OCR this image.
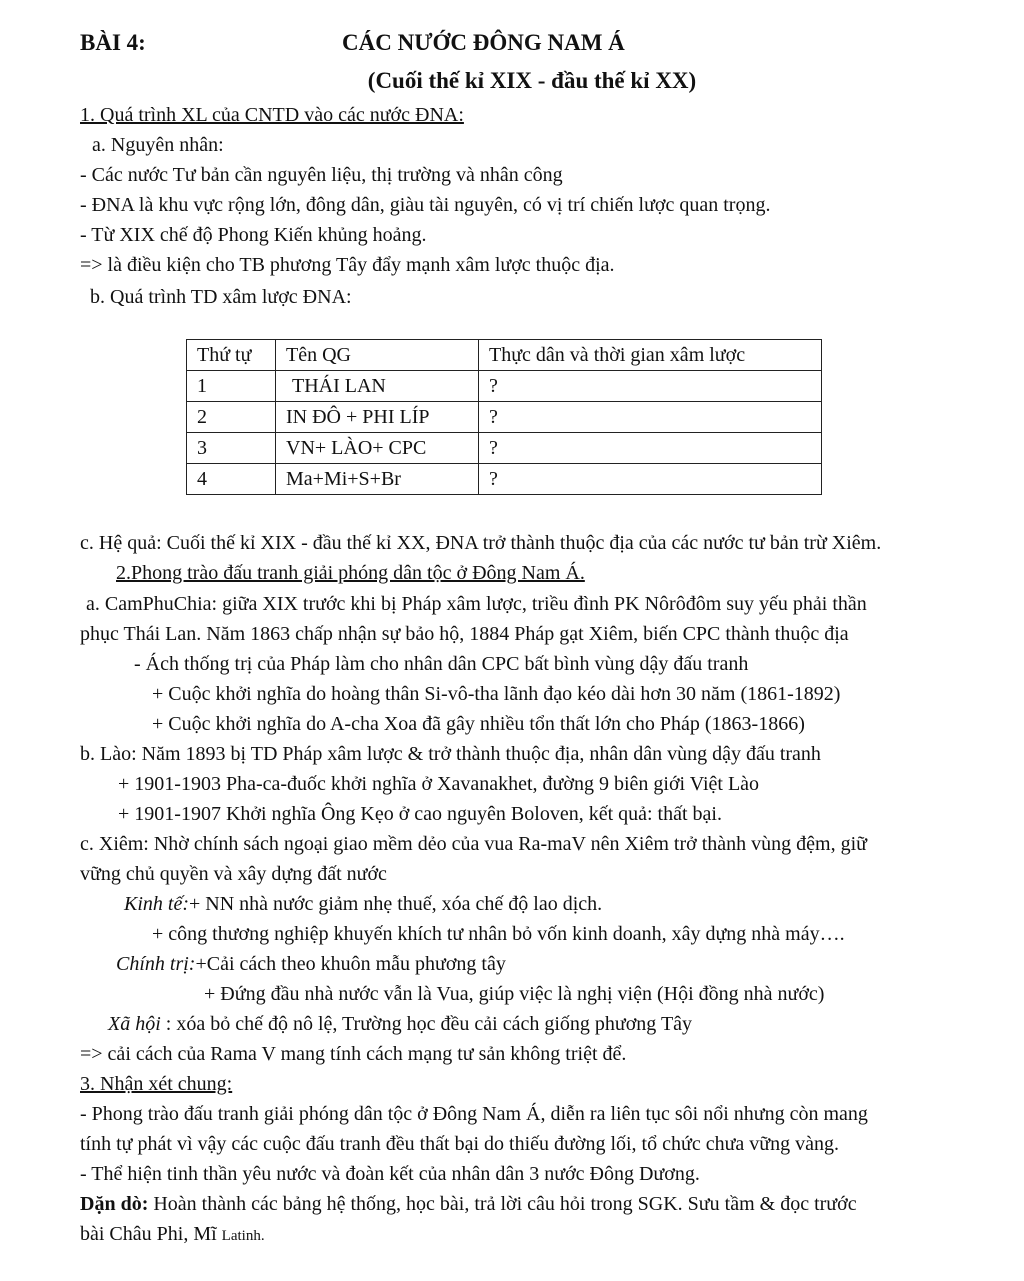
BÀI 4:	CÁC NƯỚC ĐÔNG NAM Á
(Cuối thế kỉ XIX - đầu thế kỉ XX)
1. Quá trình XL của CNTD vào các nước ĐNA:
a. Nguyên nhân:
- Các nước Tư bản cần nguyên liệu, thị trường và nhân công
- ĐNA là khu vực rộng lớn, đông dân, giàu tài nguyên, có vị trí chiến lược quan trọng.
- Từ XIX chế độ Phong Kiến khủng hoảng.
=> là điều kiện cho TB phương Tây đẩy mạnh xâm lược thuộc địa.
b. Quá trình TD xâm lược ĐNA:
Thứ tự	Tên QG	Thực dân và thời gian xâm lược
1	THÁI LAN	?
2	IN ĐÔ + PHI LÍP	?
3	VN+ LÀO+ CPC	?
4	Ma+Mi+S+Br	?
c. Hệ quả: Cuối thế kỉ XIX - đầu thế kỉ XX, ĐNA trở thành thuộc địa của các nước tư bản trừ Xiêm.
2.Phong trào đấu tranh giải phóng dân tộc ở Đông Nam Á.
a. CamPhuChia: giữa XIX trước khi bị Pháp xâm lược, triều đình PK Nôrôđôm suy yếu phải thần
phục Thái Lan. Năm 1863 chấp nhận sự bảo hộ, 1884 Pháp gạt Xiêm, biến CPC thành thuộc địa
- Ách thống trị của Pháp làm cho nhân dân CPC bất bình vùng dậy đấu tranh
+ Cuộc khởi nghĩa do hoàng thân Si-vô-tha lãnh đạo kéo dài hơn 30 năm (1861-1892)
+ Cuộc khởi nghĩa do A-cha Xoa đã gây nhiều tổn thất lớn cho Pháp (1863-1866)
b. Lào: Năm 1893 bị TD Pháp xâm lược & trở thành thuộc địa, nhân dân vùng dậy đấu tranh
+ 1901-1903 Pha-ca-đuốc khởi nghĩa ở Xavanakhet, đường 9 biên giới Việt Lào
+ 1901-1907 Khởi nghĩa Ông Kẹo ở cao nguyên Boloven, kết quả: thất bại.
c. Xiêm: Nhờ chính sách ngoại giao mềm dẻo của vua Ra-maV nên Xiêm trở thành vùng đệm, giữ
vững chủ quyền và xây dựng đất nước
Kinh tế:+ NN nhà nước giảm nhẹ thuế, xóa chế độ lao dịch.
+ công thương nghiệp khuyến khích tư nhân bỏ vốn kinh doanh, xây dựng nhà máy….
Chính trị:+Cải cách theo khuôn mẫu phương tây
+ Đứng đầu nhà nước vẫn là Vua, giúp việc là nghị viện (Hội đồng nhà nước)
Xã hội : xóa bỏ chế độ nô lệ, Trường học đều cải cách giống phương Tây
=> cải cách của Rama V mang tính cách mạng tư sản không triệt để.
3. Nhận xét chung:
- Phong trào đấu tranh giải phóng dân tộc ở Đông Nam Á, diễn ra liên tục sôi nổi nhưng còn mang
tính tự phát vì vậy các cuộc đấu tranh đều thất bại do thiếu đường lối, tổ chức chưa vững vàng.
- Thể hiện tinh thần yêu nước và đoàn kết của nhân dân 3 nước Đông Dương.
Dặn dò: Hoàn thành các bảng hệ thống, học bài, trả lời câu hỏi trong SGK. Sưu tầm & đọc trước
bài Châu Phi, Mĩ Latinh.
